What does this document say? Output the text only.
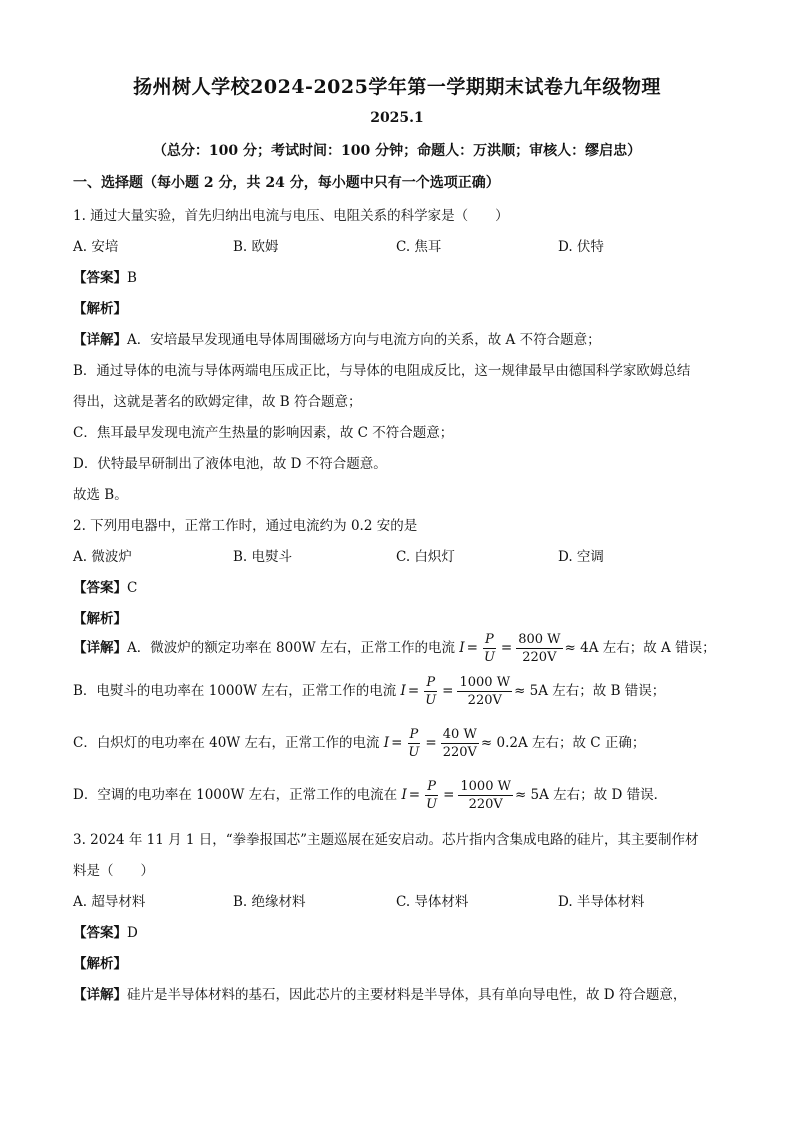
扬州树人学校2024-2025学年第一学期期末试卷九年级物理
2025.1
（总分：100 分；考试时间：100 分钟；命题人：万洪顺；审核人：缪启忠）
一、选择题（每小题 2 分，共 24 分，每小题中只有一个选项正确）
1. 通过大量实验，首先归纳出电流与电压、电阻关系的科学家是（　　）
A. 安培	B. 欧姆	C. 焦耳	D. 伏特
【答案】B
【解析】
【详解】A．安培最早发现通电导体周围磁场方向与电流方向的关系，故 A 不符合题意；
B．通过导体的电流与导体两端电压成正比，与导体的电阻成反比，这一规律最早由德国科学家欧姆总结
得出，这就是著名的欧姆定律，故 B 符合题意；
C．焦耳最早发现电流产生热量的影响因素，故 C 不符合题意；
D．伏特最早研制出了液体电池，故 D 不符合题意。
故选 B。
2. 下列用电器中，正常工作时，通过电流约为 0.2 安的是
A. 微波炉	B. 电熨斗	C. 白炽灯	D. 空调
【答案】C
【解析】
【详解】A．微波炉的额定功率在 800W 左右，正常工作的电流 $I = \frac{P}{U} = \frac{800 W}{220V} \approx 4A$ 左右；故 A 错误；
B．电熨斗的电功率在 1000W 左右，正常工作的电流 $I = \frac{P}{U} = \frac{1000 W}{220V} \approx 5A$ 左右；故 B 错误；
C．白炽灯的电功率在 40W 左右，正常工作的电流 $I = \frac{P}{U} = \frac{40 W}{220V} \approx 0.2A$ 左右；故 C 正确；
D．空调的电功率在 1000W 左右，正常工作的电流在 $I = \frac{P}{U} = \frac{1000 W}{220V} \approx 5A$ 左右；故 D 错误．
3. 2024 年 11 月 1 日，“拳拳报国芯”主题巡展在延安启动。芯片指内含集成电路的硅片，其主要制作材
料是（　　）
A. 超导材料	B. 绝缘材料	C. 导体材料	D. 半导体材料
【答案】D
【解析】
【详解】硅片是半导体材料的基石，因此芯片的主要材料是半导体，具有单向导电性，故 D 符合题意，
